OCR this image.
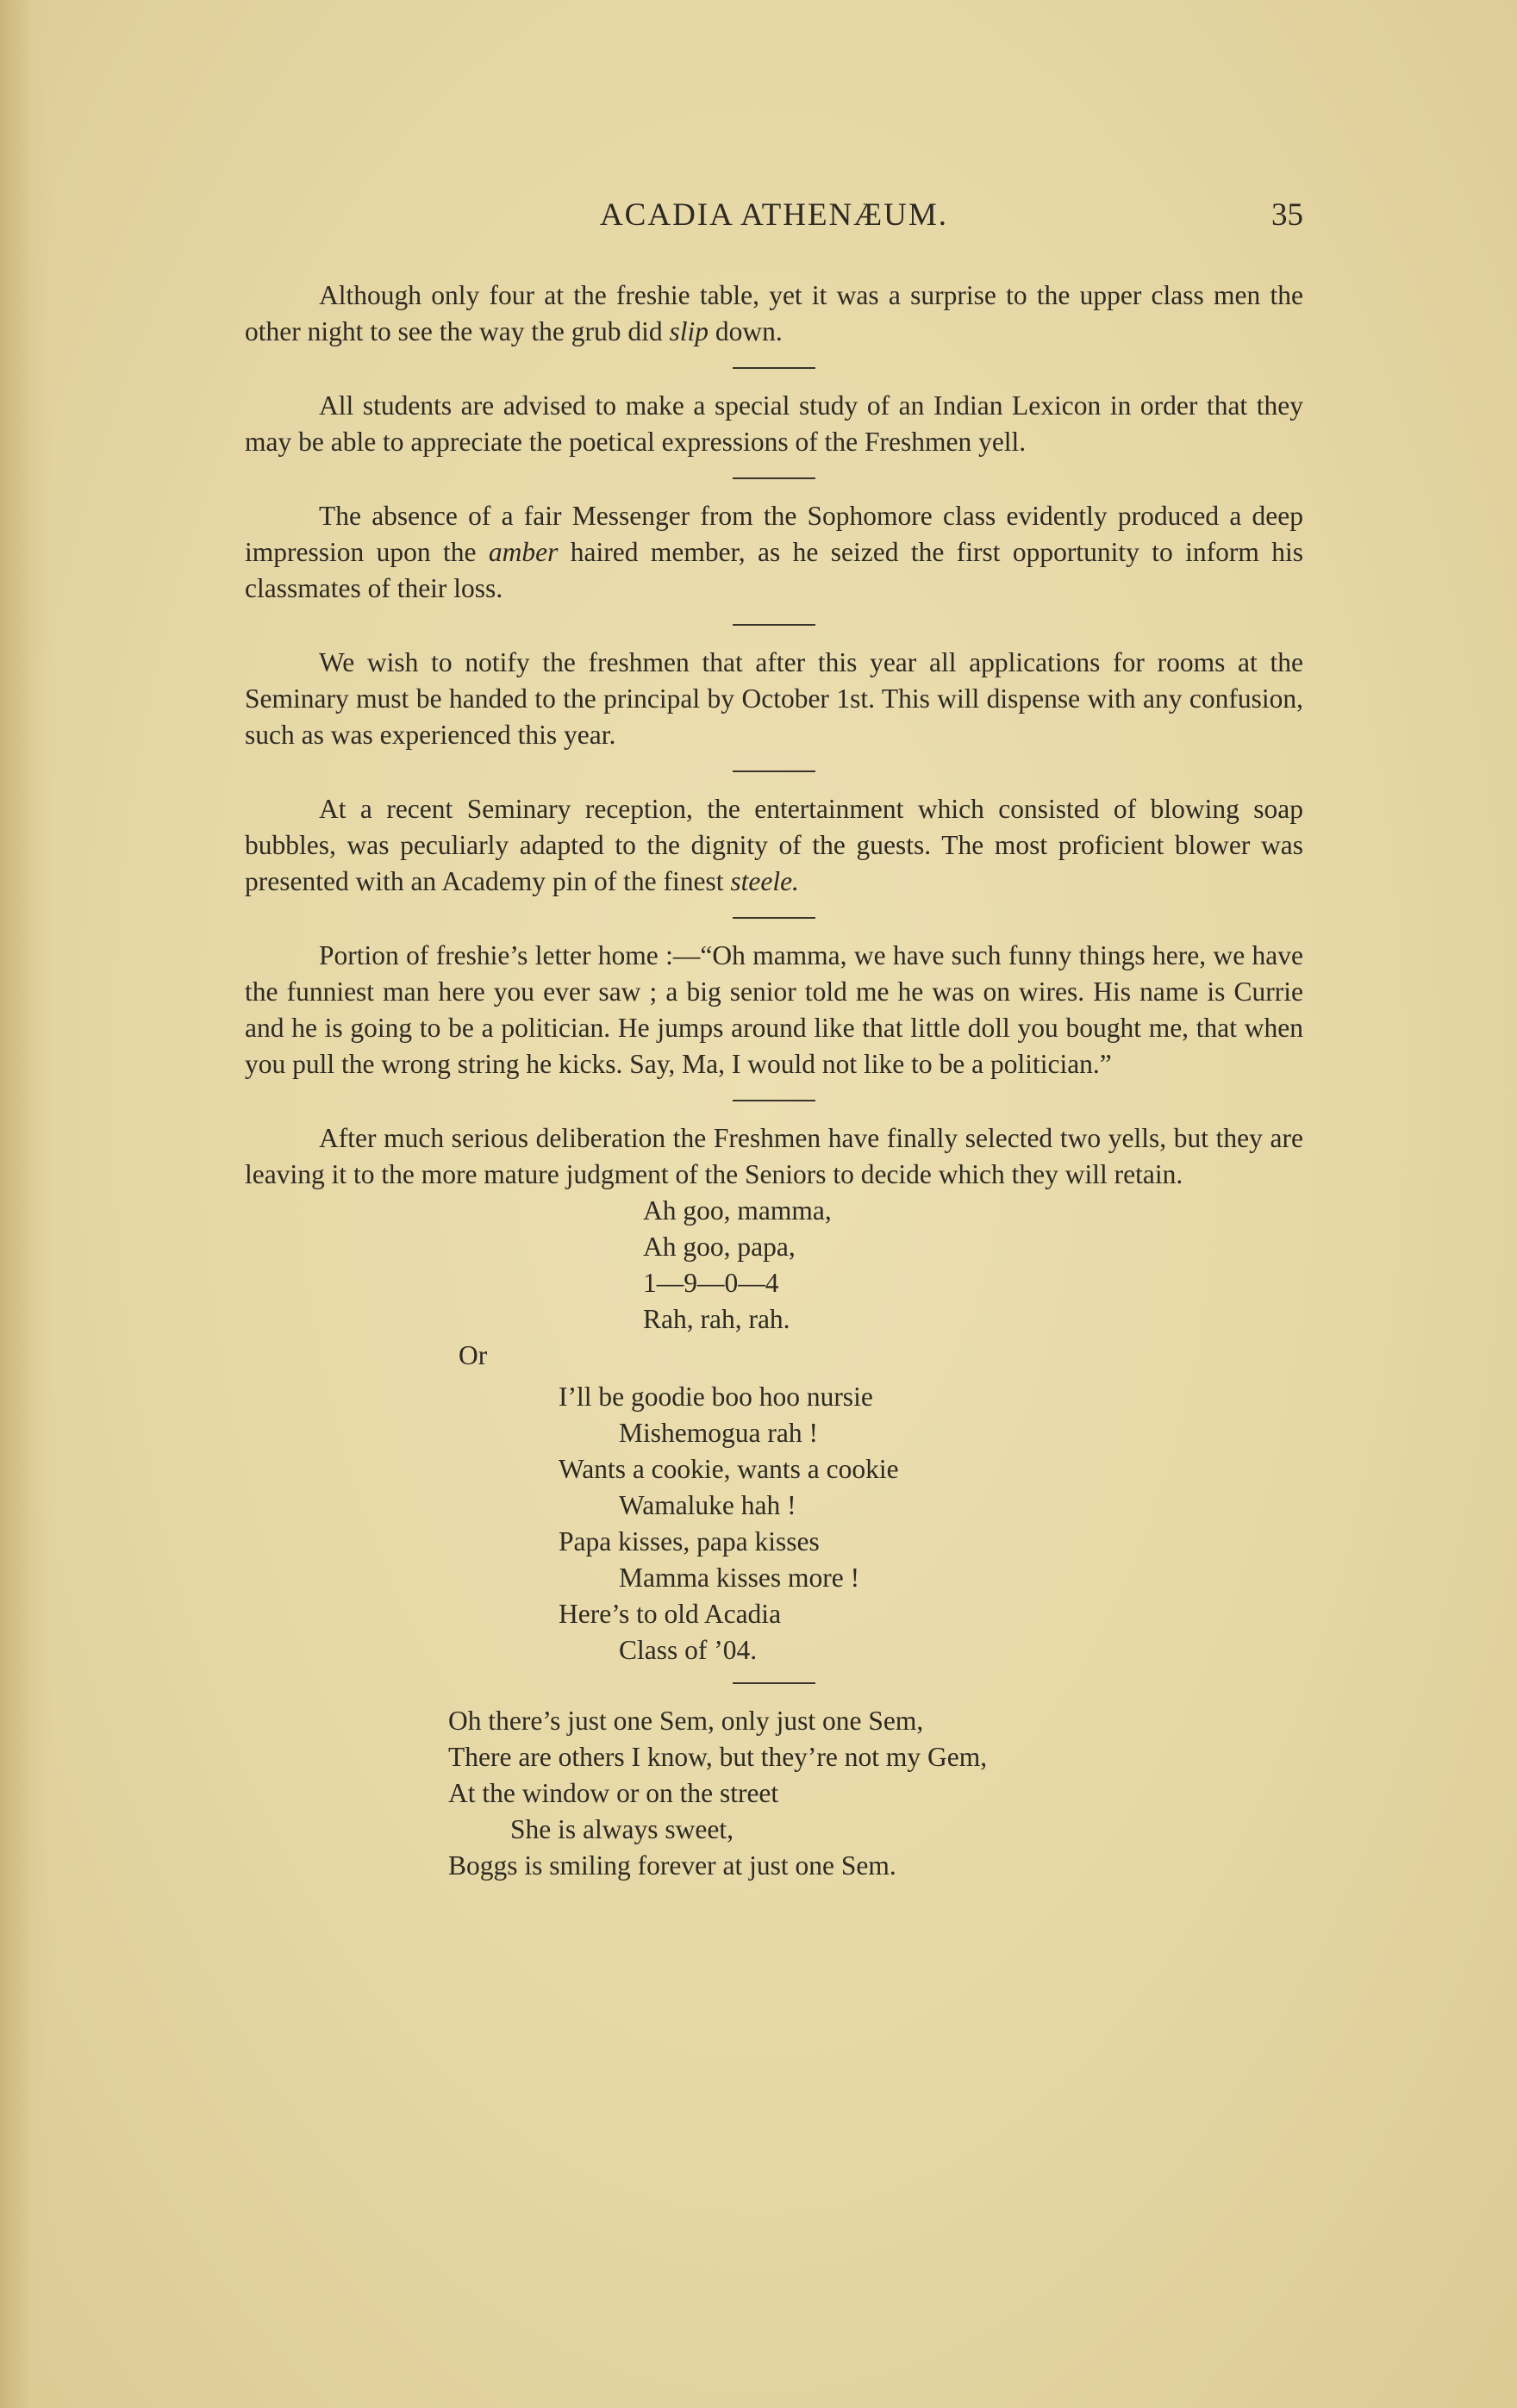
ACADIA ATHENÆUM.	35

Although only four at the freshie table, yet it was a surprise to the upper class men the other night to see the way the grub did slip down.

All students are advised to make a special study of an Indian Lexicon in order that they may be able to appreciate the poetical expressions of the Freshmen yell.

The absence of a fair Messenger from the Sophomore class evidently produced a deep impression upon the amber haired member, as he seized the first opportunity to inform his classmates of their loss.

We wish to notify the freshmen that after this year all applications for rooms at the Seminary must be handed to the principal by October 1st. This will dispense with any confusion, such as was experienced this year.

At a recent Seminary reception, the entertainment which consisted of blowing soap bubbles, was peculiarly adapted to the dignity of the guests. The most proficient blower was presented with an Academy pin of the finest steele.

Portion of freshie’s letter home :—“Oh mamma, we have such funny things here, we have the funniest man here you ever saw ; a big senior told me he was on wires. His name is Currie and he is going to be a politician. He jumps around like that little doll you bought me, that when you pull the wrong string he kicks. Say, Ma, I would not like to be a politician.”

After much serious deliberation the Freshmen have finally selected two yells, but they are leaving it to the more mature judgment of the Seniors to decide which they will retain.

Ah goo, mamma,
Ah goo, papa,
1—9—0—4
Rah, rah, rah.
Or
I’ll be goodie boo hoo nursie
Mishemogua rah !
Wants a cookie, wants a cookie
Wamaluke hah !
Papa kisses, papa kisses
Mamma kisses more !
Here’s to old Acadia
Class of ’04.
Oh there’s just one Sem, only just one Sem,
There are others I know, but they’re not my Gem,
At the window or on the street
She is always sweet,
Boggs is smiling forever at just one Sem.
